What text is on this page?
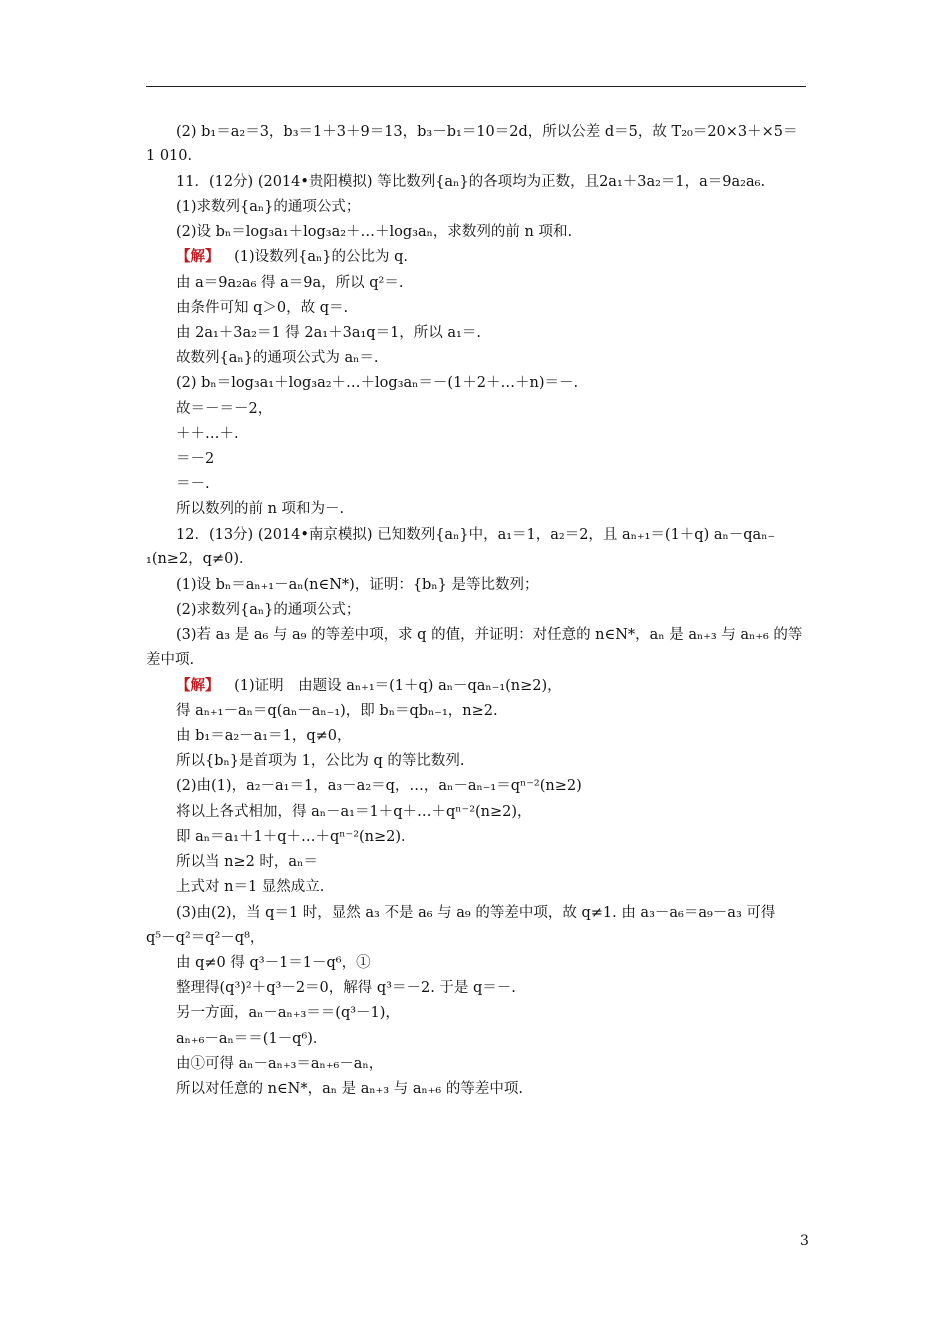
(2) b₁＝a₂＝3，b₃＝1＋3＋9＝13，b₃－b₁＝10＝2d，所以公差 d＝5，故 T₂₀＝20×3＋×5＝
1 010.
11．(12分) (2014•贵阳模拟) 等比数列{aₙ}的各项均为正数，且2a₁＋3a₂＝1，a＝9a₂a₆.
(1)求数列{aₙ}的通项公式；
(2)设 bₙ＝log₃a₁＋log₃a₂＋…＋log₃aₙ，求数列的前 n 项和.
【解】 (1)设数列{aₙ}的公比为 q.
由 a＝9a₂a₆ 得 a＝9a，所以 q²＝.
由条件可知 q＞0，故 q＝.
由 2a₁＋3a₂＝1 得 2a₁＋3a₁q＝1，所以 a₁＝.
故数列{aₙ}的通项公式为 aₙ＝.
(2) bₙ＝log₃a₁＋log₃a₂＋…＋log₃aₙ＝－(1＋2＋…＋n)＝－.
故＝－＝－2，
＋＋…＋.
＝－2
＝－.
所以数列的前 n 项和为－.
12．(13分) (2014•南京模拟) 已知数列{aₙ}中，a₁＝1，a₂＝2，且 aₙ₊₁＝(1＋q) aₙ－qaₙ₋
₁(n≥2，q≠0)．
(1)设 bₙ＝aₙ₊₁－aₙ(n∈N*)，证明：{bₙ} 是等比数列；
(2)求数列{aₙ}的通项公式；
(3)若 a₃ 是 a₆ 与 a₉ 的等差中项，求 q 的值，并证明：对任意的 n∈N*，aₙ 是 aₙ₊₃ 与 aₙ₊₆ 的等
差中项.
【解】 (1)证明　由题设 aₙ₊₁＝(1＋q) aₙ－qaₙ₋₁(n≥2)，
得 aₙ₊₁－aₙ＝q(aₙ－aₙ₋₁)，即 bₙ＝qbₙ₋₁，n≥2.
由 b₁＝a₂－a₁＝1，q≠0，
所以{bₙ}是首项为 1，公比为 q 的等比数列.
(2)由(1)，a₂－a₁＝1，a₃－a₂＝q，…，aₙ－aₙ₋₁＝qⁿ⁻²(n≥2)
将以上各式相加，得 aₙ－a₁＝1＋q＋…＋qⁿ⁻²(n≥2)，
即 aₙ＝a₁＋1＋q＋…＋qⁿ⁻²(n≥2)．
所以当 n≥2 时，aₙ＝
上式对 n＝1 显然成立.
(3)由(2)，当 q＝1 时，显然 a₃ 不是 a₆ 与 a₉ 的等差中项，故 q≠1. 由 a₃－a₆＝a₉－a₃ 可得
q⁵－q²＝q²－q⁸，
由 q≠0 得 q³－1＝1－q⁶，①
整理得(q³)²＋q³－2＝0，解得 q³＝－2. 于是 q＝－.
另一方面，aₙ－aₙ₊₃＝＝(q³－1)，
aₙ₊₆－aₙ＝＝(1－q⁶)．
由①可得 aₙ－aₙ₊₃＝aₙ₊₆－aₙ，
所以对任意的 n∈N*，aₙ 是 aₙ₊₃ 与 aₙ₊₆ 的等差中项.
3
